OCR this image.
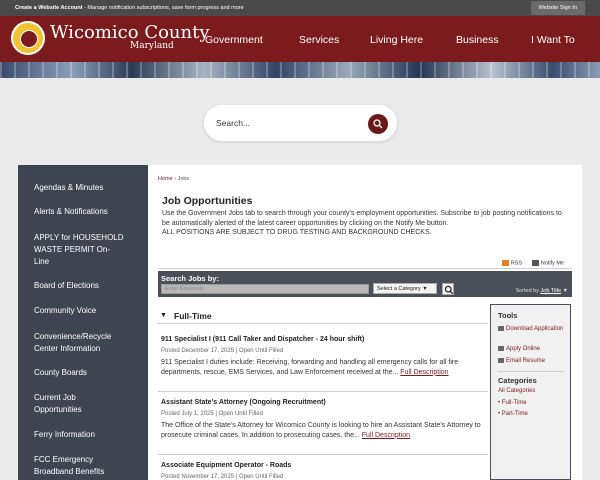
Create a Website Account - Manage notification subscriptions, save form progress and more	Website Sign In
Wicomico County
Maryland	Government	Services	Living Here	Business	I Want To
Search...
Agendas & Minutes
Alerts & Notifications
APPLY for HOUSEHOLD WASTE PERMIT On-Line
Board of Elections
Community Voice
Convenience/Recycle Center Information
County Boards
Current Job Opportunities
Ferry Information
FCC Emergency Broadband Benefits
Home › Jobs
Job Opportunities
Use the Government Jobs tab to search through your county's employment opportunities. Subscribe to job posting notifications to be automatically alerted of the latest career opportunities by clicking on the Notify Me button.
ALL POSITIONS ARE SUBJECT TO DRUG TESTING AND BACKGROUND CHECKS.
RSS	Notify Me
Search Jobs by:
Enter Keywords	Select a Category ▼	Sorted by Job Title ▼
▼ Full-Time
911 Specialist I (911 Call Taker and Dispatcher - 24 hour shift)
Posted December 17, 2025 | Open Until Filled
911 Specialist I duties include: Receiving, forwarding and handling all emergency calls for all fire departments, rescue, EMS Services, and Law Enforcement received at the... Full Description
Assistant State's Attorney (Ongoing Recruitment)
Posted July 1, 2025 | Open Until Filled
The Office of the State's Attorney for Wicomico County is looking to hire an Assistant State's Attorney to prosecute criminal cases. In addition to prosecuting cases, the... Full Description
Associate Equipment Operator - Roads
Posted November 17, 2025 | Open Until Filled
Tools
Download Application
Apply Online
Email Resume
Categories
All Categories
• Full-Time
• Part-Time
